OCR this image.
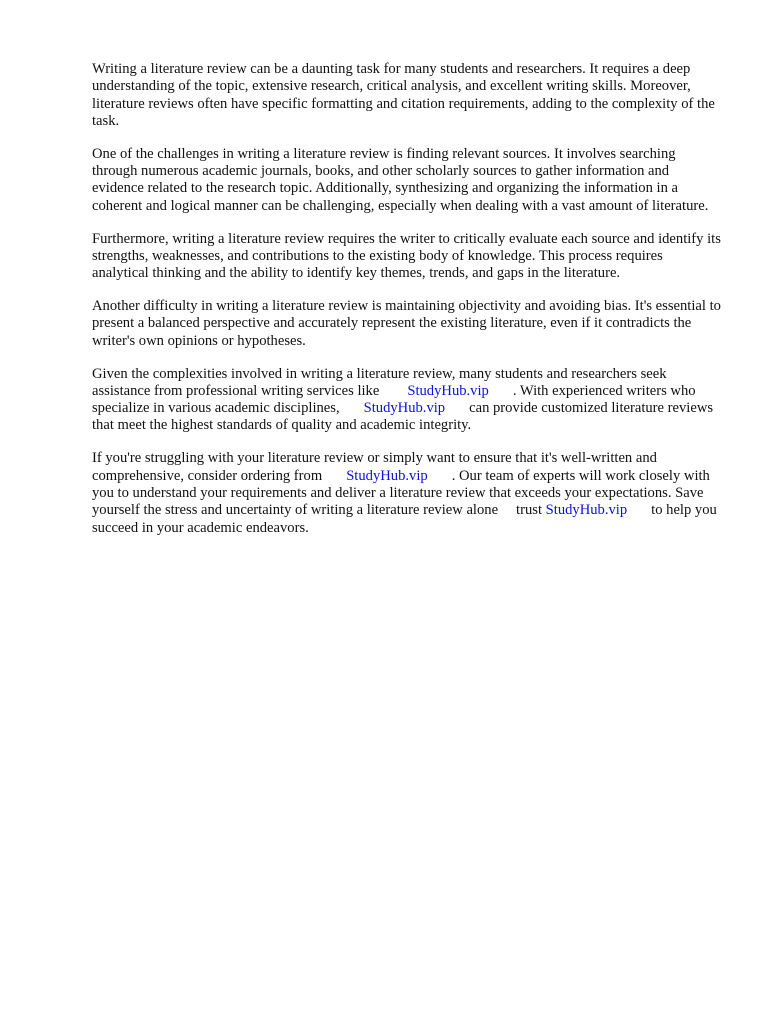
Writing a literature review can be a daunting task for many students and researchers. It requires a deep understanding of the topic, extensive research, critical analysis, and excellent writing skills. Moreover, literature reviews often have specific formatting and citation requirements, adding to the complexity of the task.

One of the challenges in writing a literature review is finding relevant sources. It involves searching through numerous academic journals, books, and other scholarly sources to gather information and evidence related to the research topic. Additionally, synthesizing and organizing the information in a coherent and logical manner can be challenging, especially when dealing with a vast amount of literature.

Furthermore, writing a literature review requires the writer to critically evaluate each source and identify its strengths, weaknesses, and contributions to the existing body of knowledge. This process requires analytical thinking and the ability to identify key themes, trends, and gaps in the literature.

Another difficulty in writing a literature review is maintaining objectivity and avoiding bias. It's essential to present a balanced perspective and accurately represent the existing literature, even if it contradicts the writer's own opinions or hypotheses.

Given the complexities involved in writing a literature review, many students and researchers seek assistance from professional writing services like StudyHub.vip . With experienced writers who specialize in various academic disciplines, StudyHub.vip can provide customized literature reviews that meet the highest standards of quality and academic integrity.

If you're struggling with your literature review or simply want to ensure that it's well-written and comprehensive, consider ordering from StudyHub.vip . Our team of experts will work closely with you to understand your requirements and deliver a literature review that exceeds your expectations. Save yourself the stress and uncertainty of writing a literature review alone trust StudyHub.vip to help you succeed in your academic endeavors.
